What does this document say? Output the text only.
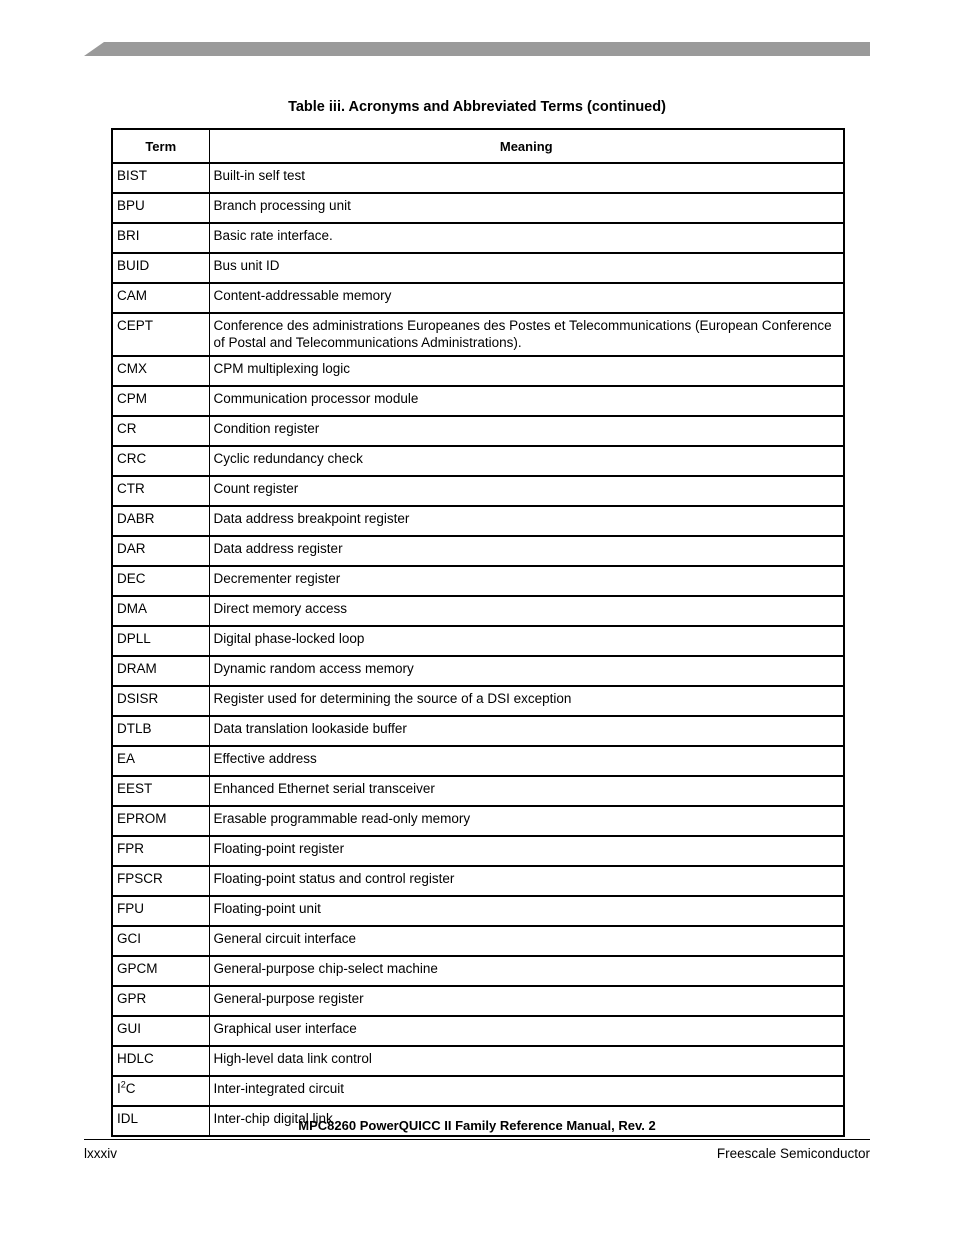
Table iii. Acronyms and Abbreviated Terms (continued)
Term	Meaning
BIST	Built-in self test
BPU	Branch processing unit
BRI	Basic rate interface.
BUID	Bus unit ID
CAM	Content-addressable memory
CEPT	Conference des administrations Europeanes des Postes et Telecommunications (European Conference of Postal and Telecommunications Administrations).
CMX	CPM multiplexing logic
CPM	Communication processor module
CR	Condition register
CRC	Cyclic redundancy check
CTR	Count register
DABR	Data address breakpoint register
DAR	Data address register
DEC	Decrementer register
DMA	Direct memory access
DPLL	Digital phase-locked loop
DRAM	Dynamic random access memory
DSISR	Register used for determining the source of a DSI exception
DTLB	Data translation lookaside buffer
EA	Effective address
EEST	Enhanced Ethernet serial transceiver
EPROM	Erasable programmable read-only memory
FPR	Floating-point register
FPSCR	Floating-point status and control register
FPU	Floating-point unit
GCI	General circuit interface
GPCM	General-purpose chip-select machine
GPR	General-purpose register
GUI	Graphical user interface
HDLC	High-level data link control
$I^2C$	Inter-integrated circuit
IDL	Inter-chip digital link
MPC8260 PowerQUICC II Family Reference Manual, Rev. 2
lxxxiv	Freescale Semiconductor
